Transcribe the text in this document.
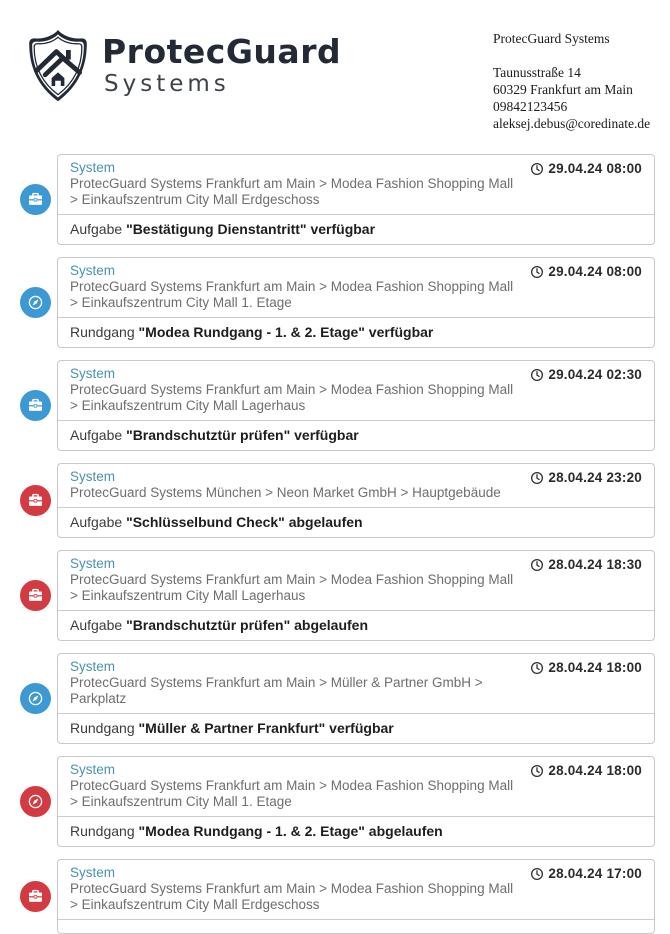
ProtecGuard
Systems
ProtecGuard Systems
Taunusstraße 14
60329 Frankfurt am Main
09842123456
aleksej.debus@coredinate.de
System
ProtecGuard Systems Frankfurt am Main > Modea Fashion Shopping Mall > Einkaufszentrum City Mall Erdgeschoss
29.04.24 08:00
Aufgabe "Bestätigung Dienstantritt" verfügbar
System
ProtecGuard Systems Frankfurt am Main > Modea Fashion Shopping Mall > Einkaufszentrum City Mall 1. Etage
29.04.24 08:00
Rundgang "Modea Rundgang - 1. & 2. Etage" verfügbar
System
ProtecGuard Systems Frankfurt am Main > Modea Fashion Shopping Mall > Einkaufszentrum City Mall Lagerhaus
29.04.24 02:30
Aufgabe "Brandschutztür prüfen" verfügbar
System
ProtecGuard Systems München > Neon Market GmbH > Hauptgebäude
28.04.24 23:20
Aufgabe "Schlüsselbund Check" abgelaufen
System
ProtecGuard Systems Frankfurt am Main > Modea Fashion Shopping Mall > Einkaufszentrum City Mall Lagerhaus
28.04.24 18:30
Aufgabe "Brandschutztür prüfen" abgelaufen
System
ProtecGuard Systems Frankfurt am Main > Müller & Partner GmbH > Parkplatz
28.04.24 18:00
Rundgang "Müller & Partner Frankfurt" verfügbar
System
ProtecGuard Systems Frankfurt am Main > Modea Fashion Shopping Mall > Einkaufszentrum City Mall 1. Etage
28.04.24 18:00
Rundgang "Modea Rundgang - 1. & 2. Etage" abgelaufen
System
ProtecGuard Systems Frankfurt am Main > Modea Fashion Shopping Mall > Einkaufszentrum City Mall Erdgeschoss
28.04.24 17:00
